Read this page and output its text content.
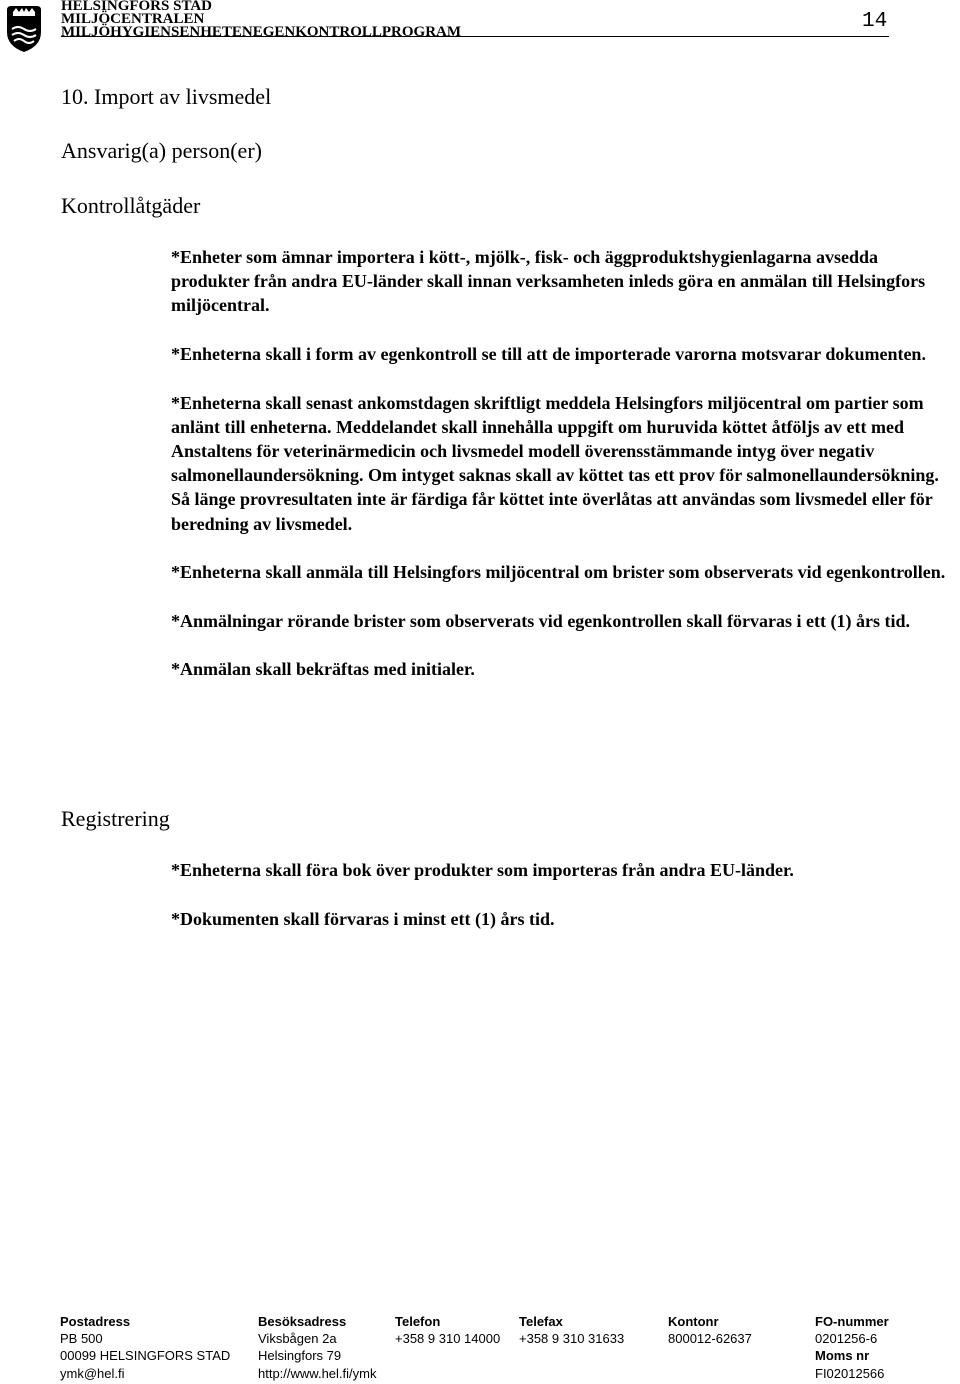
HELSINGFORS STAD
MILJÖCENTRALEN
MILJÖHYGIENSENHETENEGENKONTROLLPROGRAM	14
10. Import av livsmedel
Ansvarig(a) person(er)
Kontrollåtgäder
Registrering

*Enheter som ämnar importera i kött-, mjölk-, fisk- och äggproduktshygienlagarna avsedda produkter från andra EU-länder skall innan verksamheten inleds göra en anmälan till Helsingfors miljöcentral.

*Enheterna skall i form av egenkontroll se till att de importerade varorna motsvarar dokumenten.

*Enheterna skall senast ankomstdagen skriftligt meddela Helsingfors miljöcentral om partier som anlänt till enheterna. Meddelandet skall innehålla uppgift om huruvida köttet åtföljs av ett med Anstaltens för veterinärmedicin och livsmedel modell överensstämmande intyg över negativ salmonellaundersökning. Om intyget saknas skall av köttet tas ett prov för salmonellaundersökning. Så länge provresultaten inte är färdiga får köttet inte överlåtas att användas som livsmedel eller för beredning av livsmedel.

*Enheterna skall anmäla till Helsingfors miljöcentral om brister som observerats vid egenkontrollen.

*Anmälningar rörande brister som observerats vid egenkontrollen skall förvaras i ett (1) års tid.

*Anmälan skall bekräftas med initialer.

*Enheterna skall föra bok över produkter som importeras från andra EU-länder.

*Dokumenten skall förvaras i minst ett (1) års tid.

Postadress
PB 500
00099 HELSINGFORS STAD
ymk@hel.fi
Besöksadress
Viksbågen 2a
Helsingfors 79
http://www.hel.fi/ymk
Telefon
+358 9 310 14000
Telefax
+358 9 310 31633
Kontonr
800012-62637
FO-nummer
0201256-6
Moms nr
FI02012566
